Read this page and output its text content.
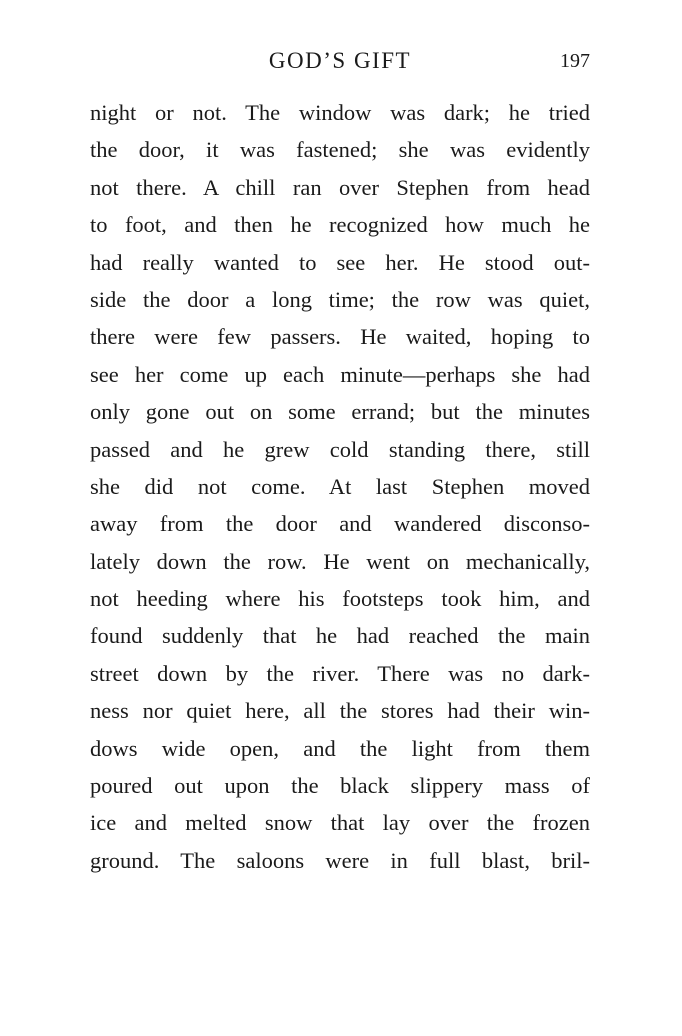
GOD’S GIFT	197
night or not. The window was dark; he tried
the door, it was fastened; she was evidently
not there. A chill ran over Stephen from head
to foot, and then he recognized how much he
had really wanted to see her. He stood out-
side the door a long time; the row was quiet,
there were few passers. He waited, hoping to
see her come up each minute—perhaps she had
only gone out on some errand; but the minutes
passed and he grew cold standing there, still
she did not come. At last Stephen moved
away from the door and wandered disconso-
lately down the row. He went on mechanically,
not heeding where his footsteps took him, and
found suddenly that he had reached the main
street down by the river. There was no dark-
ness nor quiet here, all the stores had their win-
dows wide open, and the light from them
poured out upon the black slippery mass of
ice and melted snow that lay over the frozen
ground. The saloons were in full blast, bril-
